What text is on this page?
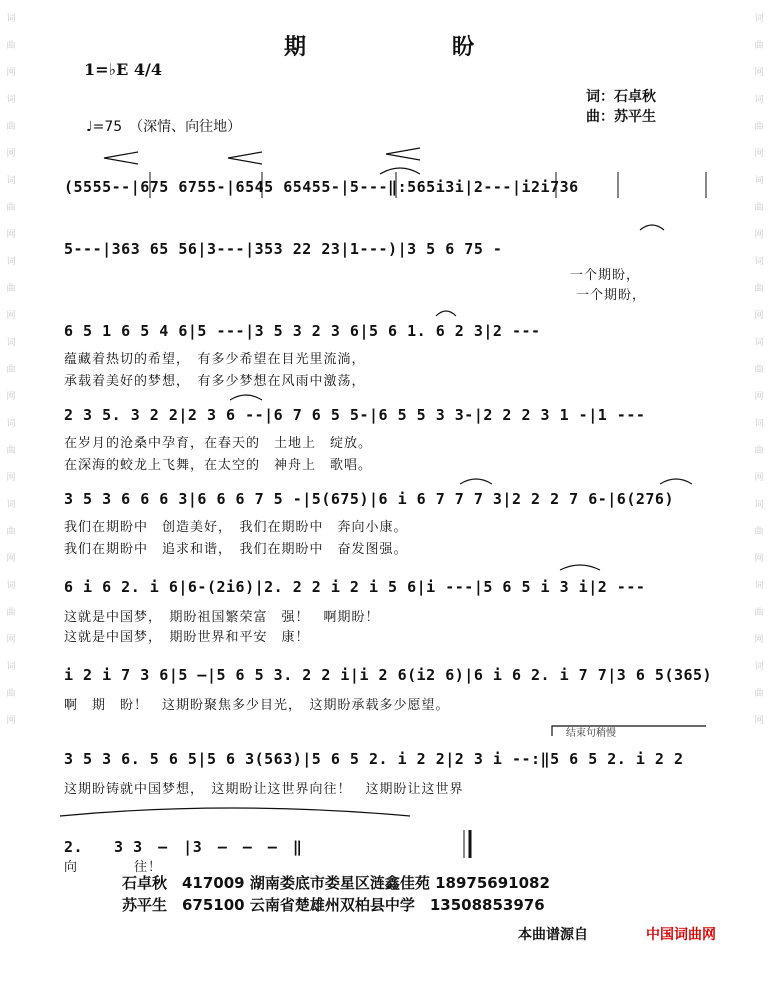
词
曲
网
词
曲
网
词
曲
网
词
曲
网
词
曲
网
词
曲
网
词
曲
网
词
曲
网
词
曲
网
词
曲
网
词
曲
网
词
曲
网
词
曲
网
词
曲
网
词
曲
网
词
曲
网
词
曲
网
词
曲
网
期　　　　　　盼
1=♭E 4/4
♩=75　（深情、向往地）
词：石卓秋
曲：苏平生
(5555--|675 6755-|6545 65455-|5---‖:565i3i|2---|i2i736
5---|363 65 56|3---|353 22 23|1---)|3 5 6 75 -
一个期盼，
一个期盼，
6 5 1 6 5 4 6|5 ---|3 5 3 2 3 6|5 6 1. 6 2 3|2 ---
蕴藏着热切的希望，　有多少希望在目光里流淌，
承载着美好的梦想，　有多少梦想在风雨中激荡，
2 3 5. 3 2 2|2 3 6 --|6 7 6 5 5-|6 5 5 3 3-|2 2 2 3 1 -|1 ---
在岁月的沧桑中孕育，在春天的　土地上　绽放。
在深海的蛟龙上飞舞，在太空的　神舟上　歌唱。
3 5 3 6 6 6 3|6 6 6 7 5 -|5(675)|6 i 6 7 7 7 3|2 2 2 7 6-|6(276)
我们在期盼中　创造美好，　我们在期盼中　奔向小康。
我们在期盼中　追求和谐，　我们在期盼中　奋发图强。
6 i 6 2. i 6|6-(2i6)|2. 2 2 i 2 i 5 6|i ---|5 6 5 i 3 i|2 ---
这就是中国梦，　期盼祖国繁荣富　强！　啊期盼！
这就是中国梦，　期盼世界和平安　康！
i 2 i 7 3 6|5 —|5 6 5 3. 2 2 i|i 2 6(i2 6)|6 i 6 2. i 7 7|3 6 5(365)
啊　期　盼！　这期盼聚焦多少目光，　这期盼承载多少愿望。
结束句稍慢
3 5 3 6. 5 6 5|5 6 3(563)|5 6 5 2. i 2 2|2 3 i --:‖5 6 5 2. i 2 2
这期盼铸就中国梦想，　这期盼让这世界向往！　这期盼让这世界
2.　　3 3　—　|3　—　—　—　‖
向　　　　往！
石卓秋　417009 湖南娄底市娄星区涟鑫佳苑 18975691082
苏平生　675100 云南省楚雄州双柏县中学　13508853976
本曲谱源自	中国词曲网
